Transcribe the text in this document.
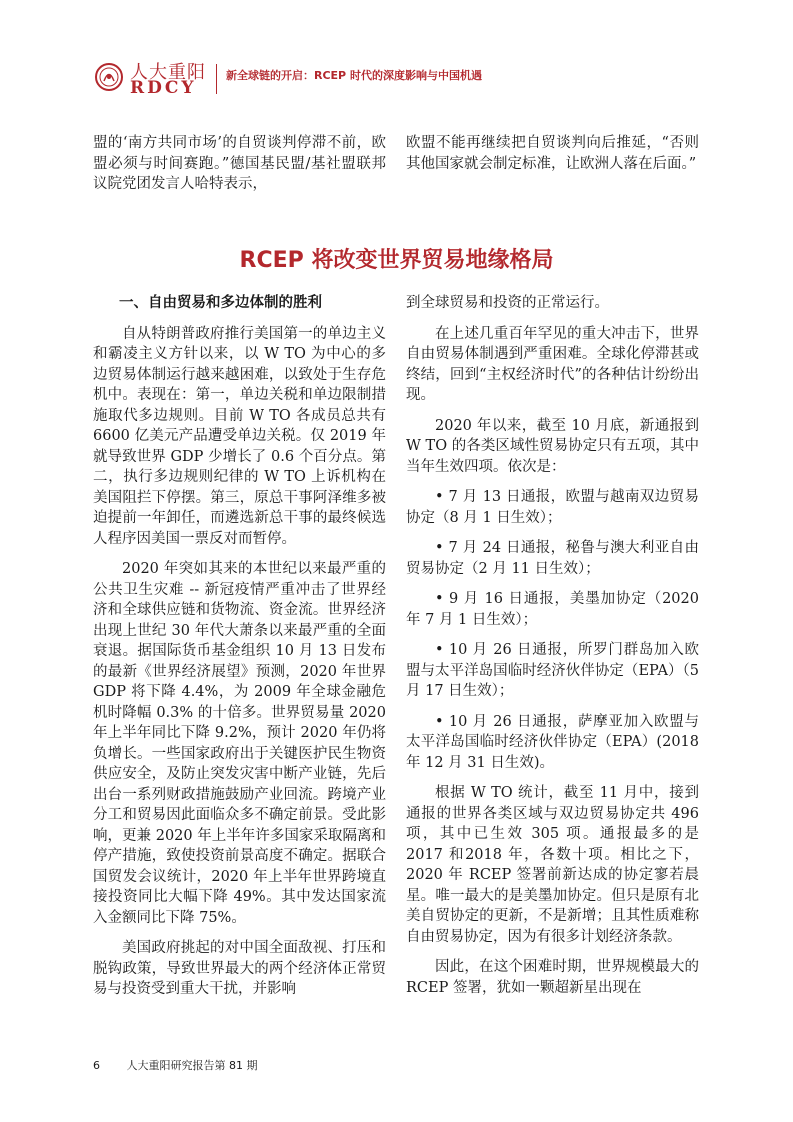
人大重阳
RDCY
新全球链的开启：RCEP 时代的深度影响与中国机遇

盟的‘南方共同市场’的自贸谈判停滞不前，欧盟必须与时间赛跑。”德国基民盟/基社盟联邦议院党团发言人哈特表示，

欧盟不能再继续把自贸谈判向后推延，“否则其他国家就会制定标准，让欧洲人落在后面。”

RCEP 将改变世界贸易地缘格局
一、自由贸易和多边体制的胜利

自从特朗普政府推行美国第一的单边主义和霸凌主义方针以来，以 W TO 为中心的多边贸易体制运行越来越困难，以致处于生存危机中。表现在：第一，单边关税和单边限制措施取代多边规则。目前 W TO 各成员总共有 6600 亿美元产品遭受单边关税。仅 2019 年就导致世界 GDP 少增长了 0.6 个百分点。第二，执行多边规则纪律的 W TO 上诉机构在美国阻拦下停摆。第三，原总干事阿泽维多被迫提前一年卸任，而遴选新总干事的最终候选人程序因美国一票反对而暂停。

2020 年突如其来的本世纪以来最严重的公共卫生灾难 -- 新冠疫情严重冲击了世界经济和全球供应链和货物流、资金流。世界经济出现上世纪 30 年代大萧条以来最严重的全面衰退。据国际货币基金组织 10 月 13 日发布的最新《世界经济展望》预测，2020 年世界 GDP 将下降 4.4%，为 2009 年全球金融危机时降幅 0.3% 的十倍多。世界贸易量 2020 年上半年同比下降 9.2%，预计 2020 年仍将负增长。一些国家政府出于关键医护民生物资供应安全，及防止突发灾害中断产业链，先后出台一系列财政措施鼓励产业回流。跨境产业分工和贸易因此面临众多不确定前景。受此影响，更兼 2020 年上半年许多国家采取隔离和停产措施，致使投资前景高度不确定。据联合国贸发会议统计，2020 年上半年世界跨境直接投资同比大幅下降 49%。其中发达国家流入金额同比下降 75%。

美国政府挑起的对中国全面敌视、打压和脱钩政策，导致世界最大的两个经济体正常贸易与投资受到重大干扰，并影响

到全球贸易和投资的正常运行。

在上述几重百年罕见的重大冲击下，世界自由贸易体制遇到严重困难。全球化停滞甚或终结，回到“主权经济时代”的各种估计纷纷出现。

2020 年以来，截至 10 月底，新通报到W TO 的各类区域性贸易协定只有五项，其中当年生效四项。依次是：

• 7 月 13 日通报，欧盟与越南双边贸易协定（8 月 1 日生效）；

• 7 月 24 日通报，秘鲁与澳大利亚自由贸易协定（2 月 11 日生效）；

• 9 月 16 日通报，美墨加协定（2020 年 7 月 1 日生效）；

• 10 月 26 日通报，所罗门群岛加入欧盟与太平洋岛国临时经济伙伴协定（EPA）（5 月 17 日生效）；

• 10 月 26 日通报，萨摩亚加入欧盟与太平洋岛国临时经济伙伴协定（EPA）(2018 年 12 月 31 日生效)。

根据 W TO 统计，截至 11 月中，接到通报的世界各类区域与双边贸易协定共 496 项，其中已生效 305 项。通报最多的是 2017 和2018 年，各数十项。相比之下，2020 年 RCEP 签署前新达成的协定寥若晨星。唯一最大的是美墨加协定。但只是原有北美自贸协定的更新，不是新增；且其性质难称自由贸易协定，因为有很多计划经济条款。

因此，在这个困难时期，世界规模最大的RCEP 签署，犹如一颗超新星出现在

6 人大重阳研究报告第 81 期
